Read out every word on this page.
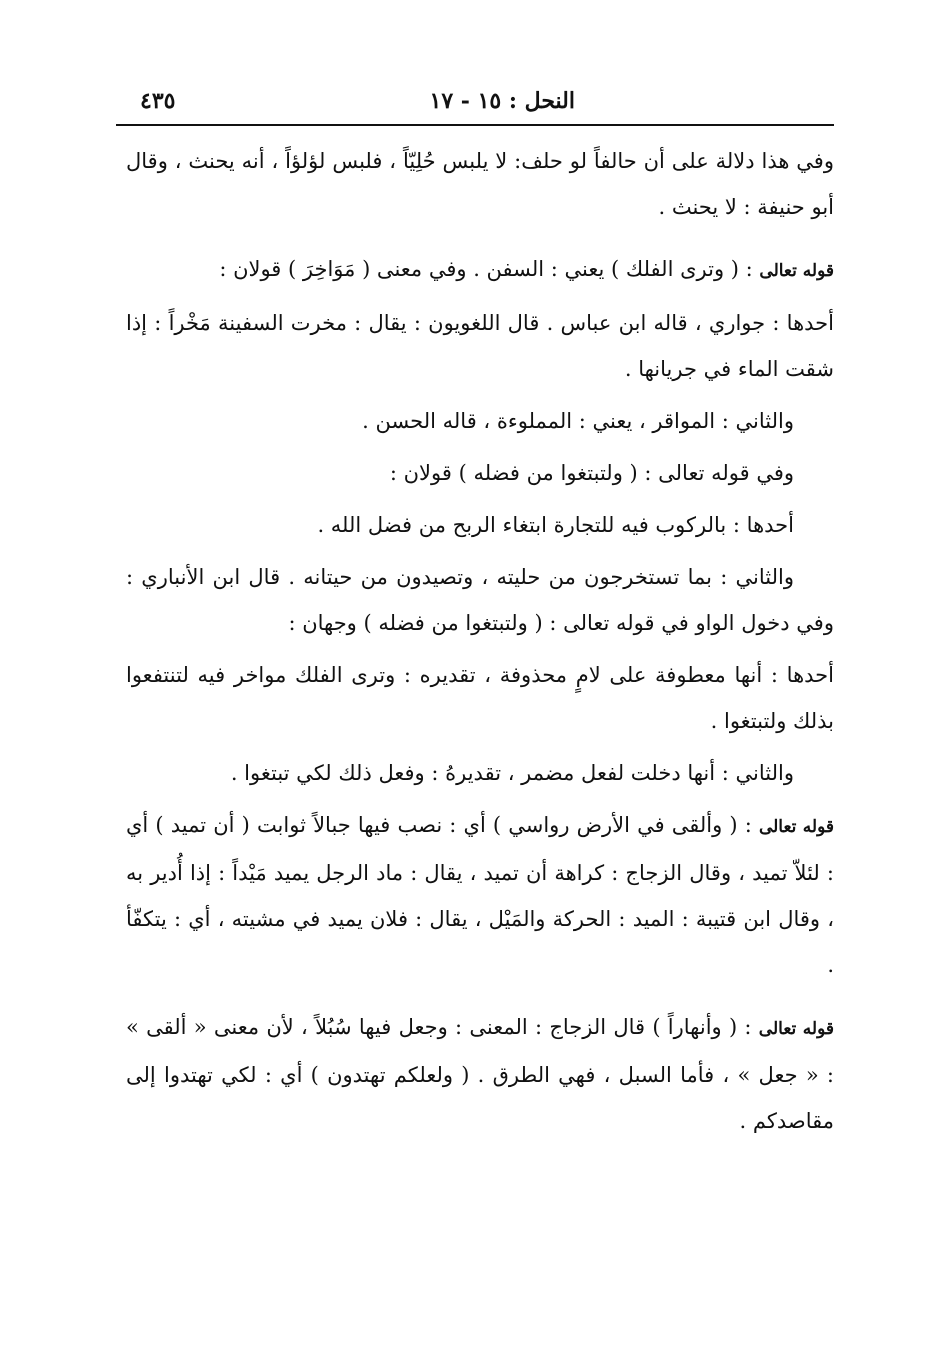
٤٣٥	النحل : ١٥ - ١٧

وفي هذا دلالة على أن حالفاً لو حلف: لا يلبس حُلِيّاً ، فلبس لؤلؤاً ، أنه يحنث ، وقال أبو حنيفة : لا يحنث .

قوله تعالى : ( وترى الفلك ) يعني : السفن . وفي معنى ( مَوَاخِرَ ) قولان :

أحدها : جواري ، قاله ابن عباس . قال اللغويون : يقال : مخرت السفينة مَخْراً : إذا شقت الماء في جريانها .

والثاني : المواقر ، يعني : المملوءة ، قاله الحسن .

وفي قوله تعالى : ( ولتبتغوا من فضله ) قولان :

أحدها : بالركوب فيه للتجارة ابتغاء الربح من فضل الله .

والثاني : بما تستخرجون من حليته ، وتصيدون من حيتانه . قال ابن الأنباري : وفي دخول الواو في قوله تعالى : ( ولتبتغوا من فضله ) وجهان :

أحدها : أنها معطوفة على لامٍ محذوفة ، تقديره : وترى الفلك مواخر فيه لتنتفعوا بذلك ولتبتغوا .

والثاني : أنها دخلت لفعل مضمر ، تقديرهُ : وفعل ذلك لكي تبتغوا .

قوله تعالى : ( وألقى في الأرض رواسي ) أي : نصب فيها جبالاً ثوابت ( أن تميد ) أي : لئلاّ تميد ، وقال الزجاج : كراهة أن تميد ، يقال : ماد الرجل يميد مَيْداً : إذا أُدير به ، وقال ابن قتيبة : الميد : الحركة والمَيْل ، يقال : فلان يميد في مشيته ، أي : يتكفّأ .

قوله تعالى : ( وأنهاراً ) قال الزجاج : المعنى : وجعل فيها سُبُلاً ، لأن معنى « ألقى » : « جعل » ، فأما السبل ، فهي الطرق . ( ولعلكم تهتدون ) أي : لكي تهتدوا إلى مقاصدكم .
